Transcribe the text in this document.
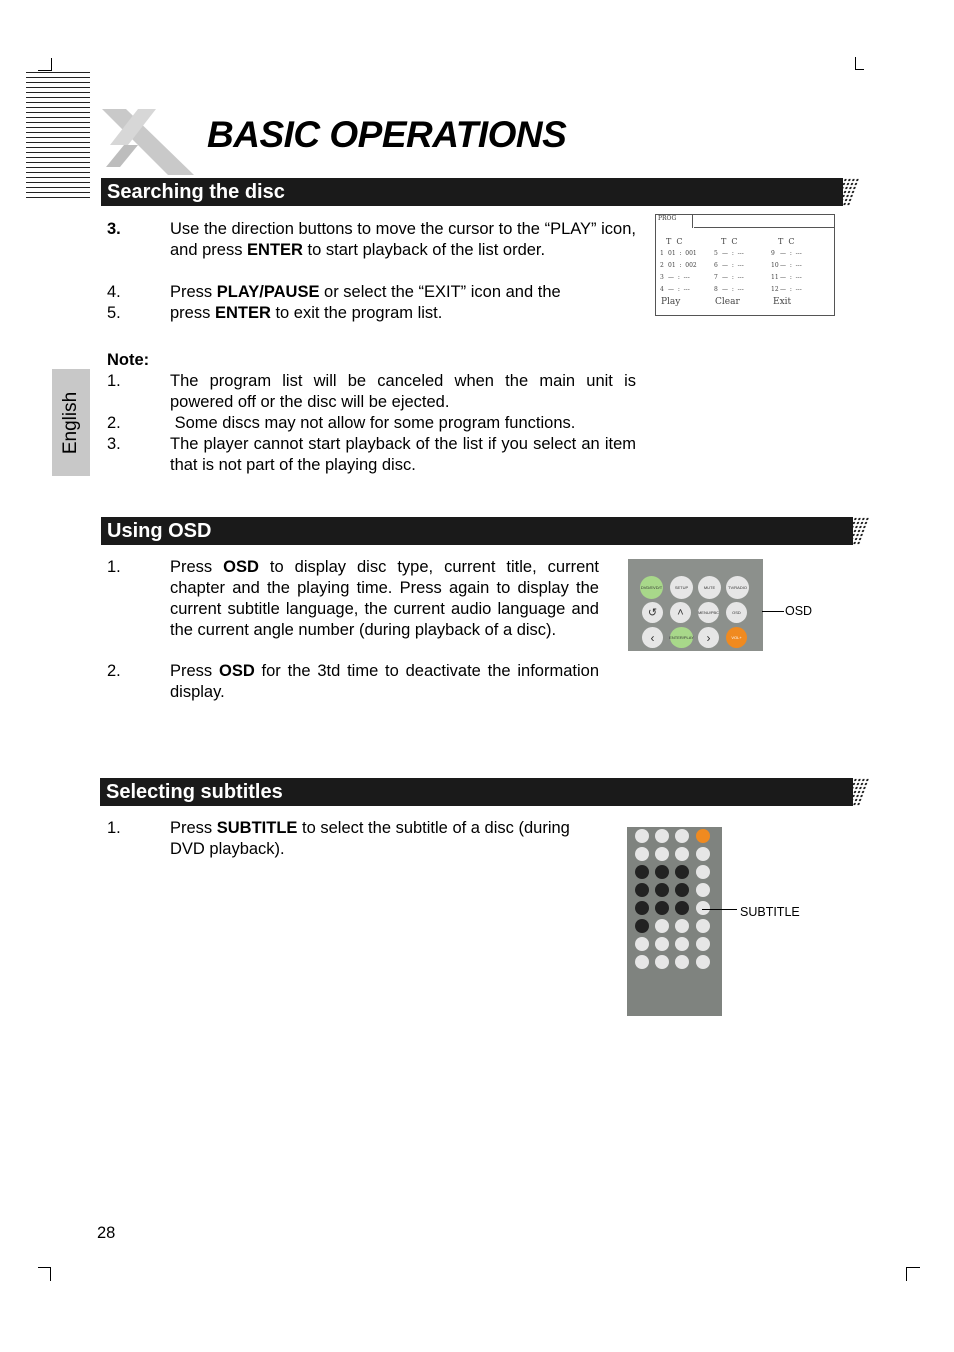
BASIC OPERATIONS
English
Searching the disc
3.	Use the direction buttons to move the cursor to the “PLAY” icon, and press ENTER to start playback of the list order.
4.	Press PLAY/PAUSE or select the “EXIT” icon and the
5.	press ENTER to exit the program list.
Note:
1.	The program list will be canceled when the main unit is powered off or the disc will be ejected.
2.	Some discs may not allow for some program functions.
3.	The player cannot start playback of the list if you select an item that is not part of the playing disc.
PROG
T  C	T  C	T  C
1 01  :  001	5 —  :  ---	9 —  :  ---
2 01  :  002	6 —  :  ---	10 —  :  ---
3 —  :  ---	7 —  :  ---	11 —  :  ---
4 —  :  ---	8 —  :  ---	12 —  :  ---
Play	Clear	Exit
Using OSD
1.	Press OSD to display disc type, current title, current chapter and the playing time. Press again to display the current subtitle language, the current audio language and the current angle number (during playback of a disc).
2.	Press OSD for the 3td time to deactivate the information display.
DVD/EVD/T	SETUP	MUTE	TV/RADIO
↺	˄	MENU/PBC	OSD
‹	ENTER/PLAY	›	VOL+
OSD
Selecting subtitles
1.	Press SUBTITLE to select the subtitle of a disc (during DVD playback).
SUBTITLE
28
